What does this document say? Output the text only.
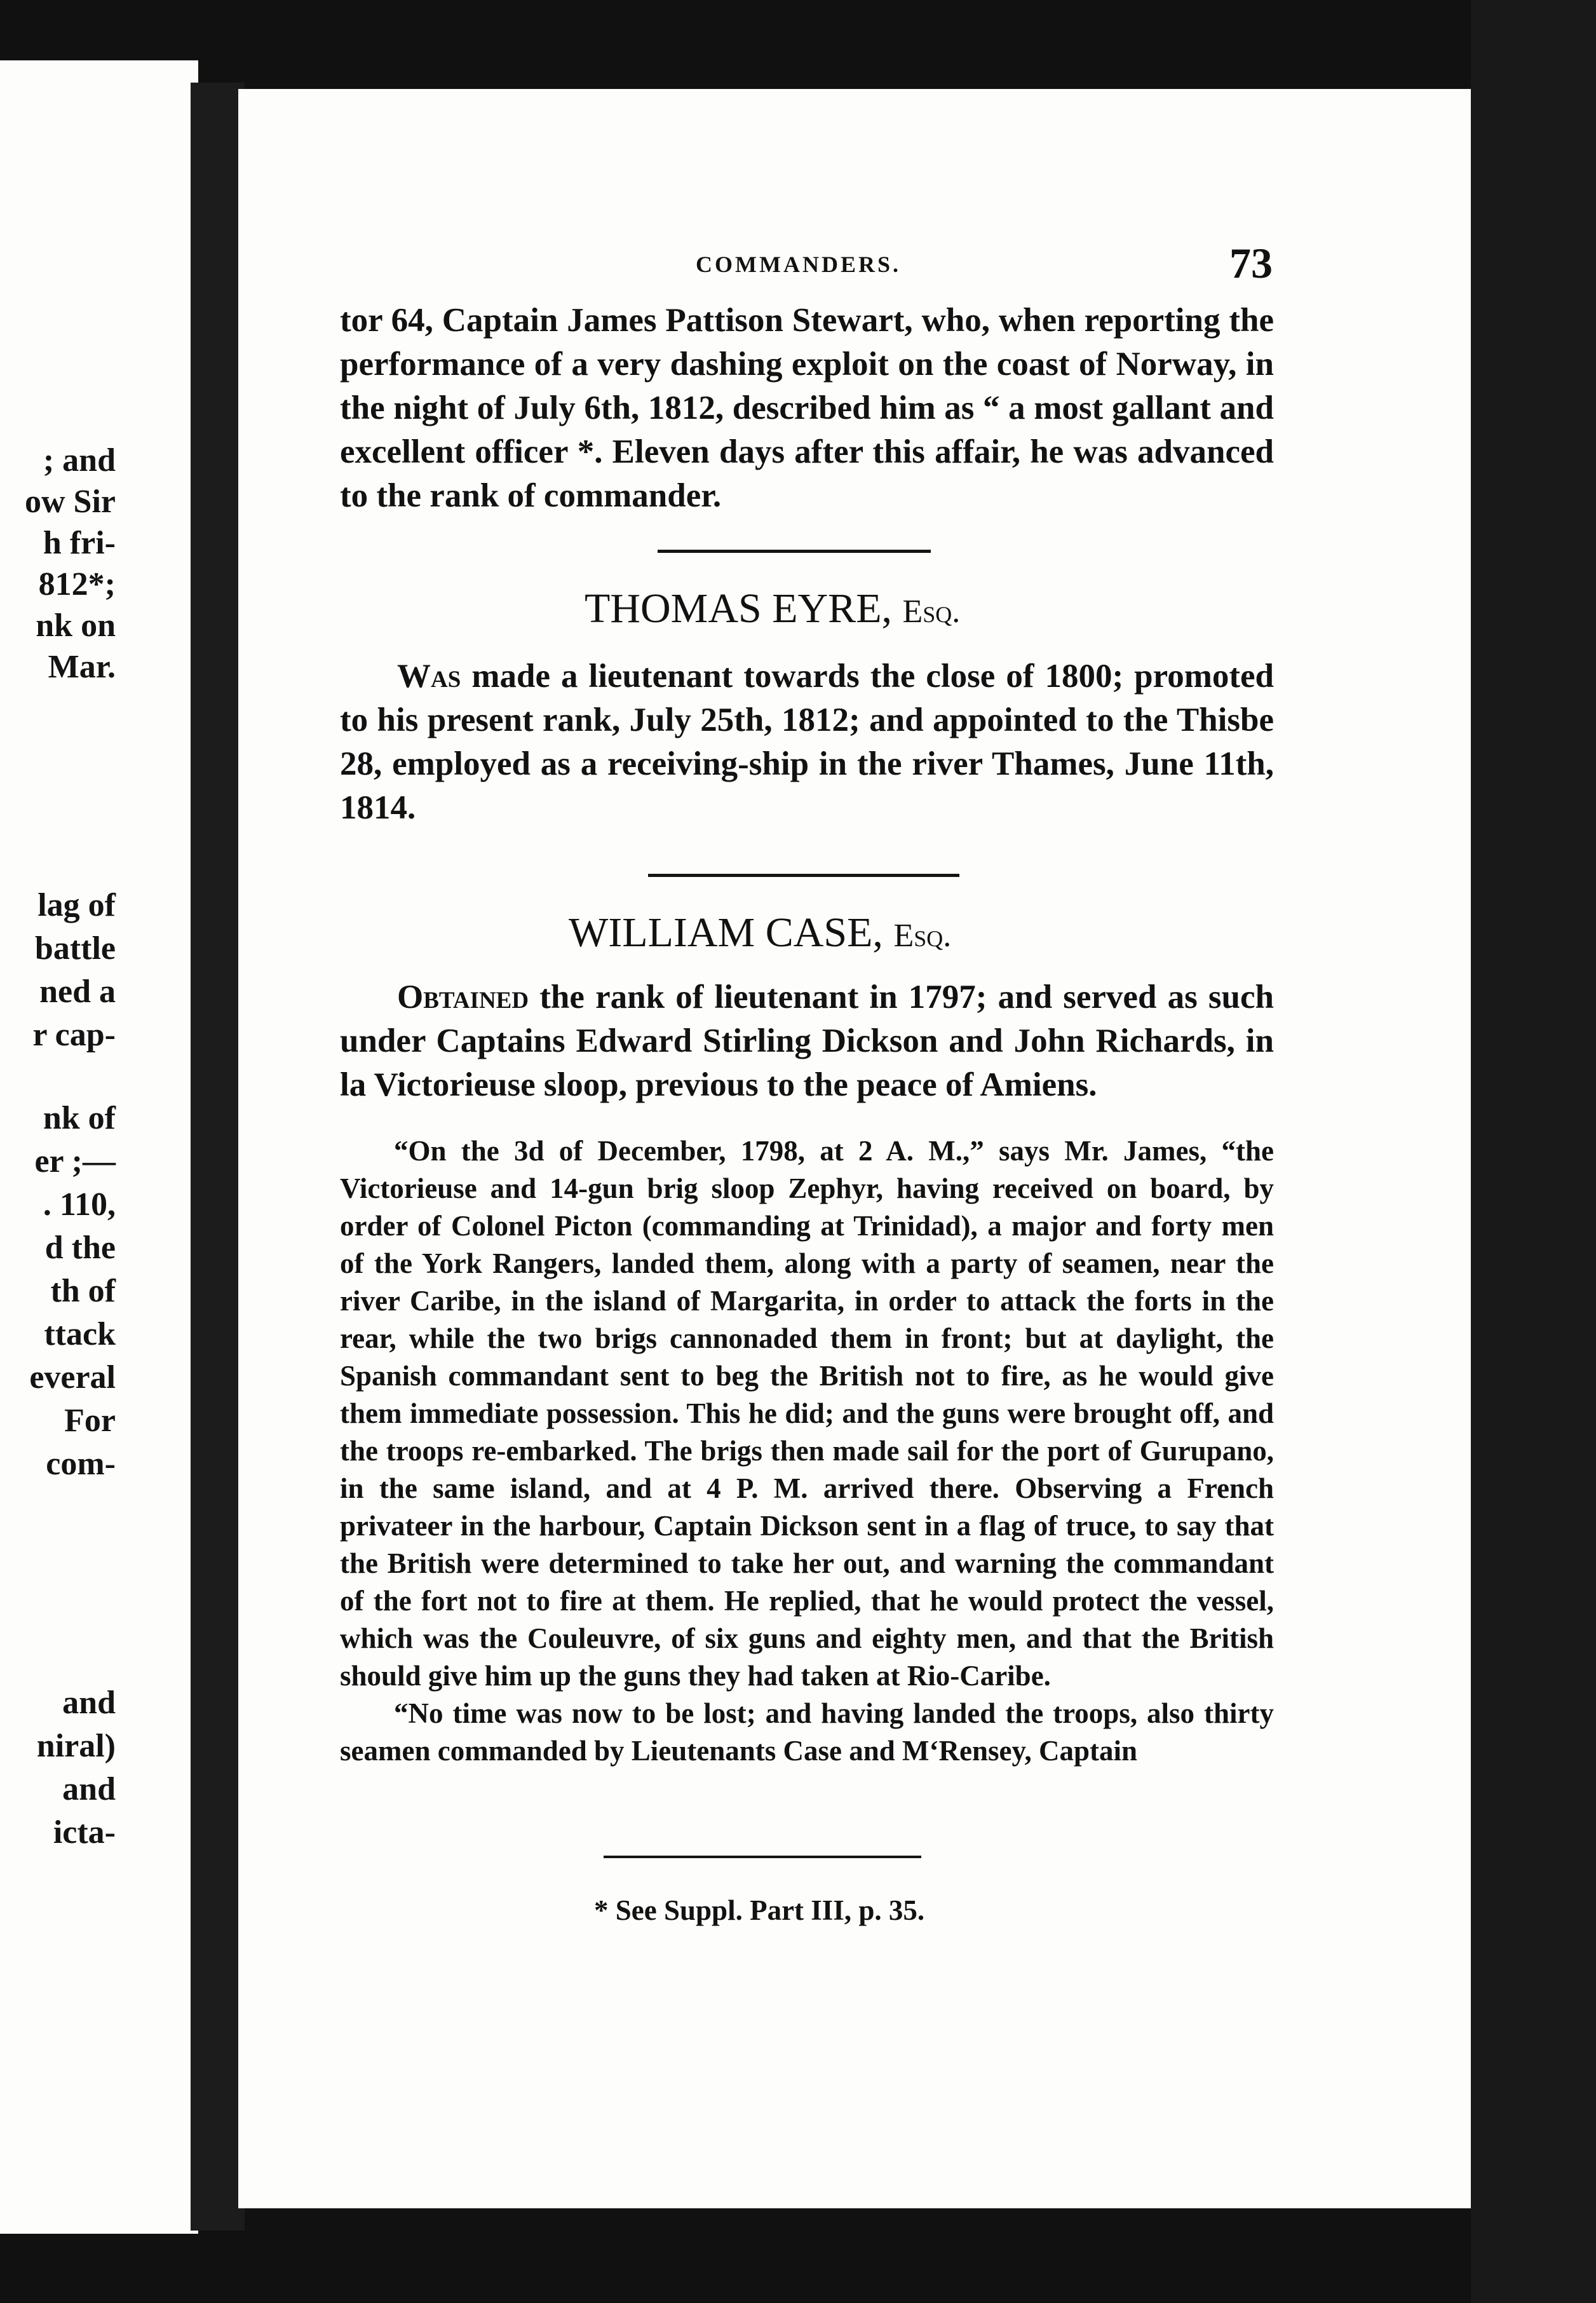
; and
ow Sir
h fri-
812*;
nk on
Mar.
lag of
battle
ned a
r cap-
nk of
er ;—
. 110,
d the
th of
ttack
everal
For
com-
and
niral)
and
icta-
COMMANDERS.	73

tor 64, Captain James Pattison Stewart, who, when reporting the performance of a very dashing exploit on the coast of Norway, in the night of July 6th, 1812, described him as “ a most gallant and excellent officer *. Eleven days after this affair, he was advanced to the rank of commander.

THOMAS EYRE, Esq.

Was made a lieutenant towards the close of 1800; promoted to his present rank, July 25th, 1812; and appointed to the Thisbe 28, employed as a receiving-ship in the river Thames, June 11th, 1814.

WILLIAM CASE, Esq.

Obtained the rank of lieutenant in 1797; and served as such under Captains Edward Stirling Dickson and John Richards, in la Victorieuse sloop, previous to the peace of Amiens.

“On the 3d of December, 1798, at 2 A. M.,” says Mr. James, “the Victorieuse and 14-gun brig sloop Zephyr, having received on board, by order of Colonel Picton (commanding at Trinidad), a major and forty men of the York Rangers, landed them, along with a party of seamen, near the river Caribe, in the island of Margarita, in order to attack the forts in the rear, while the two brigs cannonaded them in front; but at daylight, the Spanish commandant sent to beg the British not to fire, as he would give them immediate possession. This he did; and the guns were brought off, and the troops re-embarked. The brigs then made sail for the port of Gurupano, in the same island, and at 4 P. M. arrived there. Observing a French privateer in the harbour, Captain Dickson sent in a flag of truce, to say that the British were determined to take her out, and warning the commandant of the fort not to fire at them. He replied, that he would protect the vessel, which was the Couleuvre, of six guns and eighty men, and that the British should give him up the guns they had taken at Rio-Caribe.

“No time was now to be lost; and having landed the troops, also thirty seamen commanded by Lieutenants Case and M‘Rensey, Captain

* See Suppl. Part III, p. 35.
